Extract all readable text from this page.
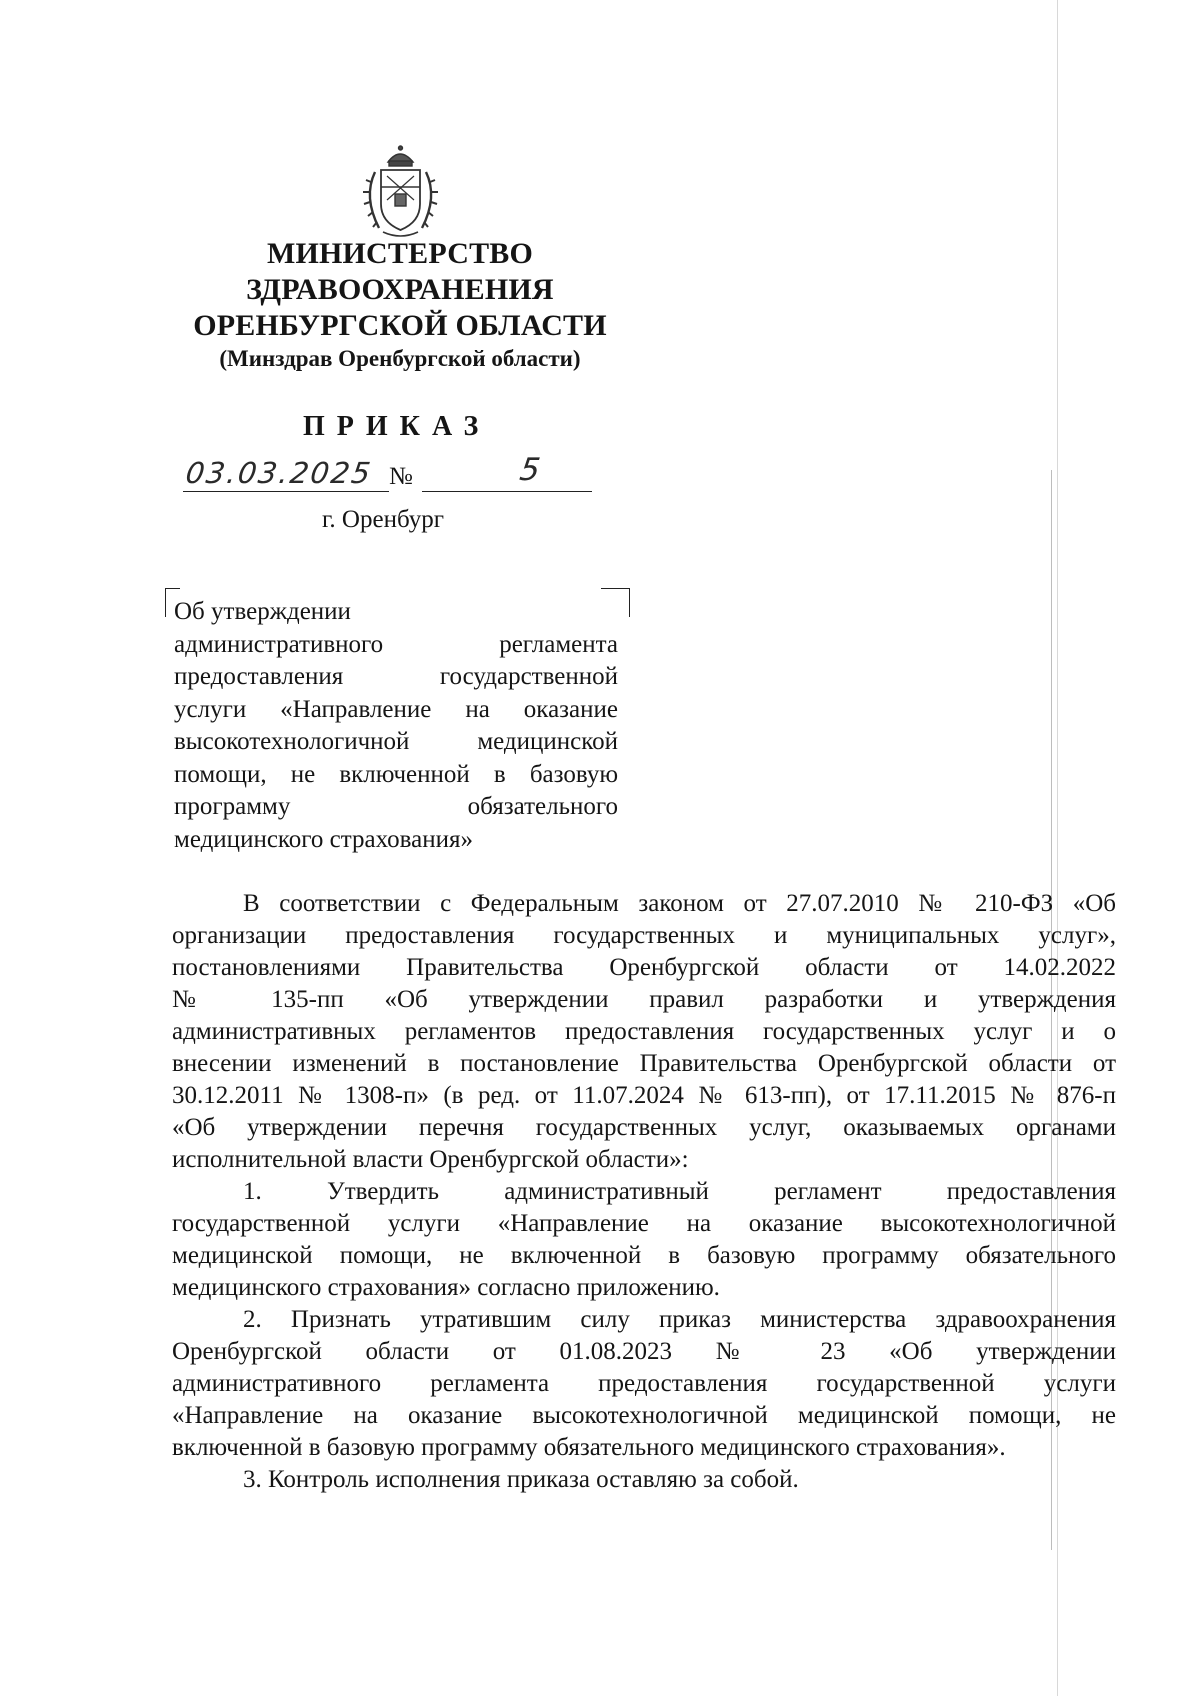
МИНИСТЕРСТВО
ЗДРАВООХРАНЕНИЯ
ОРЕНБУРГСКОЙ ОБЛАСТИ
(Минздрав Оренбургской области)
ПРИКАЗ
03.03.2025 №	5
г. Оренбург
Об утверждении
административного регламента
предоставления государственной
услуги «Направление на оказание
высокотехнологичной медицинской
помощи, не включенной в базовую
программу обязательного
медицинского страхования»
В соответствии с Федеральным законом от 27.07.2010 № 210-ФЗ «Об
организации предоставления государственных и муниципальных услуг»,
постановлениями Правительства Оренбургской области от 14.02.2022
№ 135-пп «Об утверждении правил разработки и утверждения
административных регламентов предоставления государственных услуг и о
внесении изменений в постановление Правительства Оренбургской области от
30.12.2011 № 1308-п» (в ред. от 11.07.2024 № 613-пп), от 17.11.2015 № 876-п
«Об утверждении перечня государственных услуг, оказываемых органами
исполнительной власти Оренбургской области»:
1. Утвердить административный регламент предоставления
государственной услуги «Направление на оказание высокотехнологичной
медицинской помощи, не включенной в базовую программу обязательного
медицинского страхования» согласно приложению.
2. Признать утратившим силу приказ министерства здравоохранения
Оренбургской области от 01.08.2023 № 23 «Об утверждении
административного регламента предоставления государственной услуги
«Направление на оказание высокотехнологичной медицинской помощи, не
включенной в базовую программу обязательного медицинского страхования».
3. Контроль исполнения приказа оставляю за собой.
